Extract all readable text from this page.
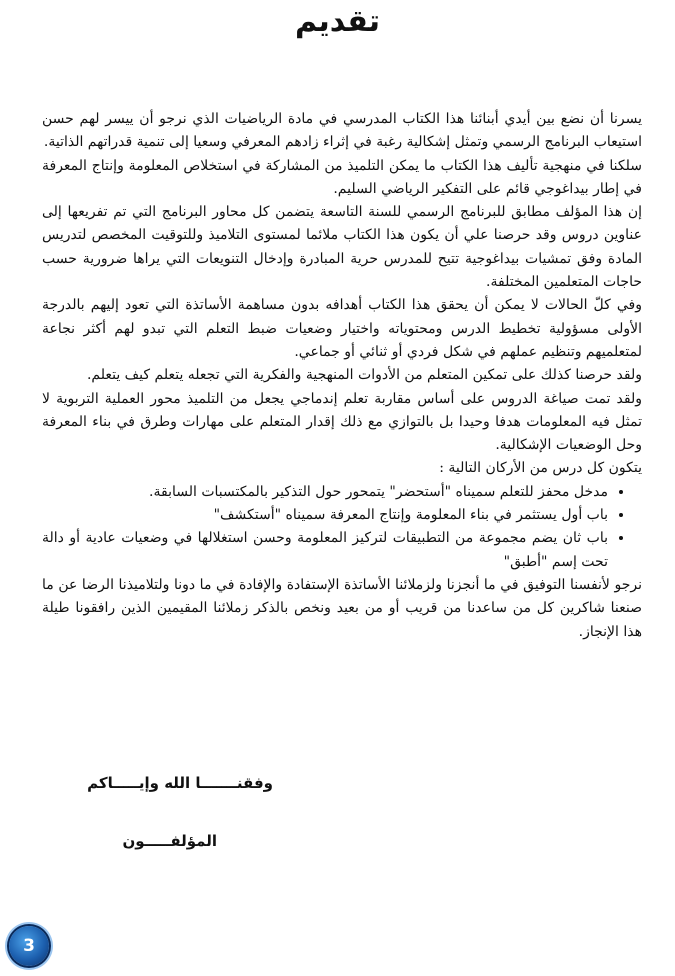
تقديم

يسرنا أن نضع بين أيدي أبنائنا هذا الكتاب المدرسي في مادة الرياضيات الذي نرجو أن ييسر لهم حسن استيعاب البرنامج الرسمي وتمثل إشكالية رغبة في إثراء زادهم المعرفي وسعيا إلى تنمية قدراتهم الذاتية.

سلكنا في منهجية تأليف هذا الكتاب ما يمكن التلميذ من المشاركة في استخلاص المعلومة وإنتاج المعرفة في إطار بيداغوجي قائم على التفكير الرياضي السليم.

إن هذا المؤلف مطابق للبرنامج الرسمي للسنة التاسعة يتضمن كل محاور البرنامج التي تم تفريعها إلى عناوين دروس وقد حرصنا علي أن يكون هذا الكتاب ملائما لمستوى التلاميذ وللتوقيت المخصص لتدريس المادة وفق تمشيات بيداغوجية تتيح للمدرس حرية المبادرة وإدخال التنويعات التي يراها ضرورية حسب حاجات المتعلمين المختلفة.

وفي كلّ الحالات لا يمكن أن يحقق هذا الكتاب أهدافه بدون مساهمة الأساتذة التي تعود إليهم بالدرجة الأولى مسؤولية تخطيط الدرس ومحتوياته واختيار وضعيات ضبط التعلم التي تبدو لهم أكثر نجاعة لمتعلميهم وتنظيم عملهم في شكل فردي أو ثنائي أو جماعي.

ولقد حرصنا كذلك على تمكين المتعلم من الأدوات المنهجية والفكرية التي تجعله يتعلم كيف يتعلم.

ولقد تمت صياغة الدروس على أساس مقاربة تعلم إندماجي يجعل من التلميذ محور العملية التربوية لا تمثل فيه المعلومات هدفا وحيدا بل بالتوازي مع ذلك إقدار المتعلم على مهارات وطرق في بناء المعرفة وحل الوضعيات الإشكالية.

يتكون كل درس من الأركان التالية :

• مدخل محفز للتعلم سميناه "أستحضر" يتمحور حول التذكير بالمكتسبات السابقة.
• باب أول يستثمر في بناء المعلومة وإنتاج المعرفة سميناه "أستكشف"
• باب ثان يضم مجموعة من التطبيقات لتركيز المعلومة وحسن استغلالها في وضعيات عادية أو دالة تحت إسم "أطبق"

نرجو لأنفسنا التوفيق في ما أنجزنا ولزملائنا الأساتذة الإستفادة والإفادة في ما دونا ولتلاميذنا الرضا عن ما صنعنا شاكرين كل من ساعدنا من قريب أو من بعيد ونخص بالذكر زملائنا المقيمين الذين رافقونا طيلة هذا الإنجاز.

وفقنـــــــا الله وإيـــــاكم
المؤلفـــــون
3
